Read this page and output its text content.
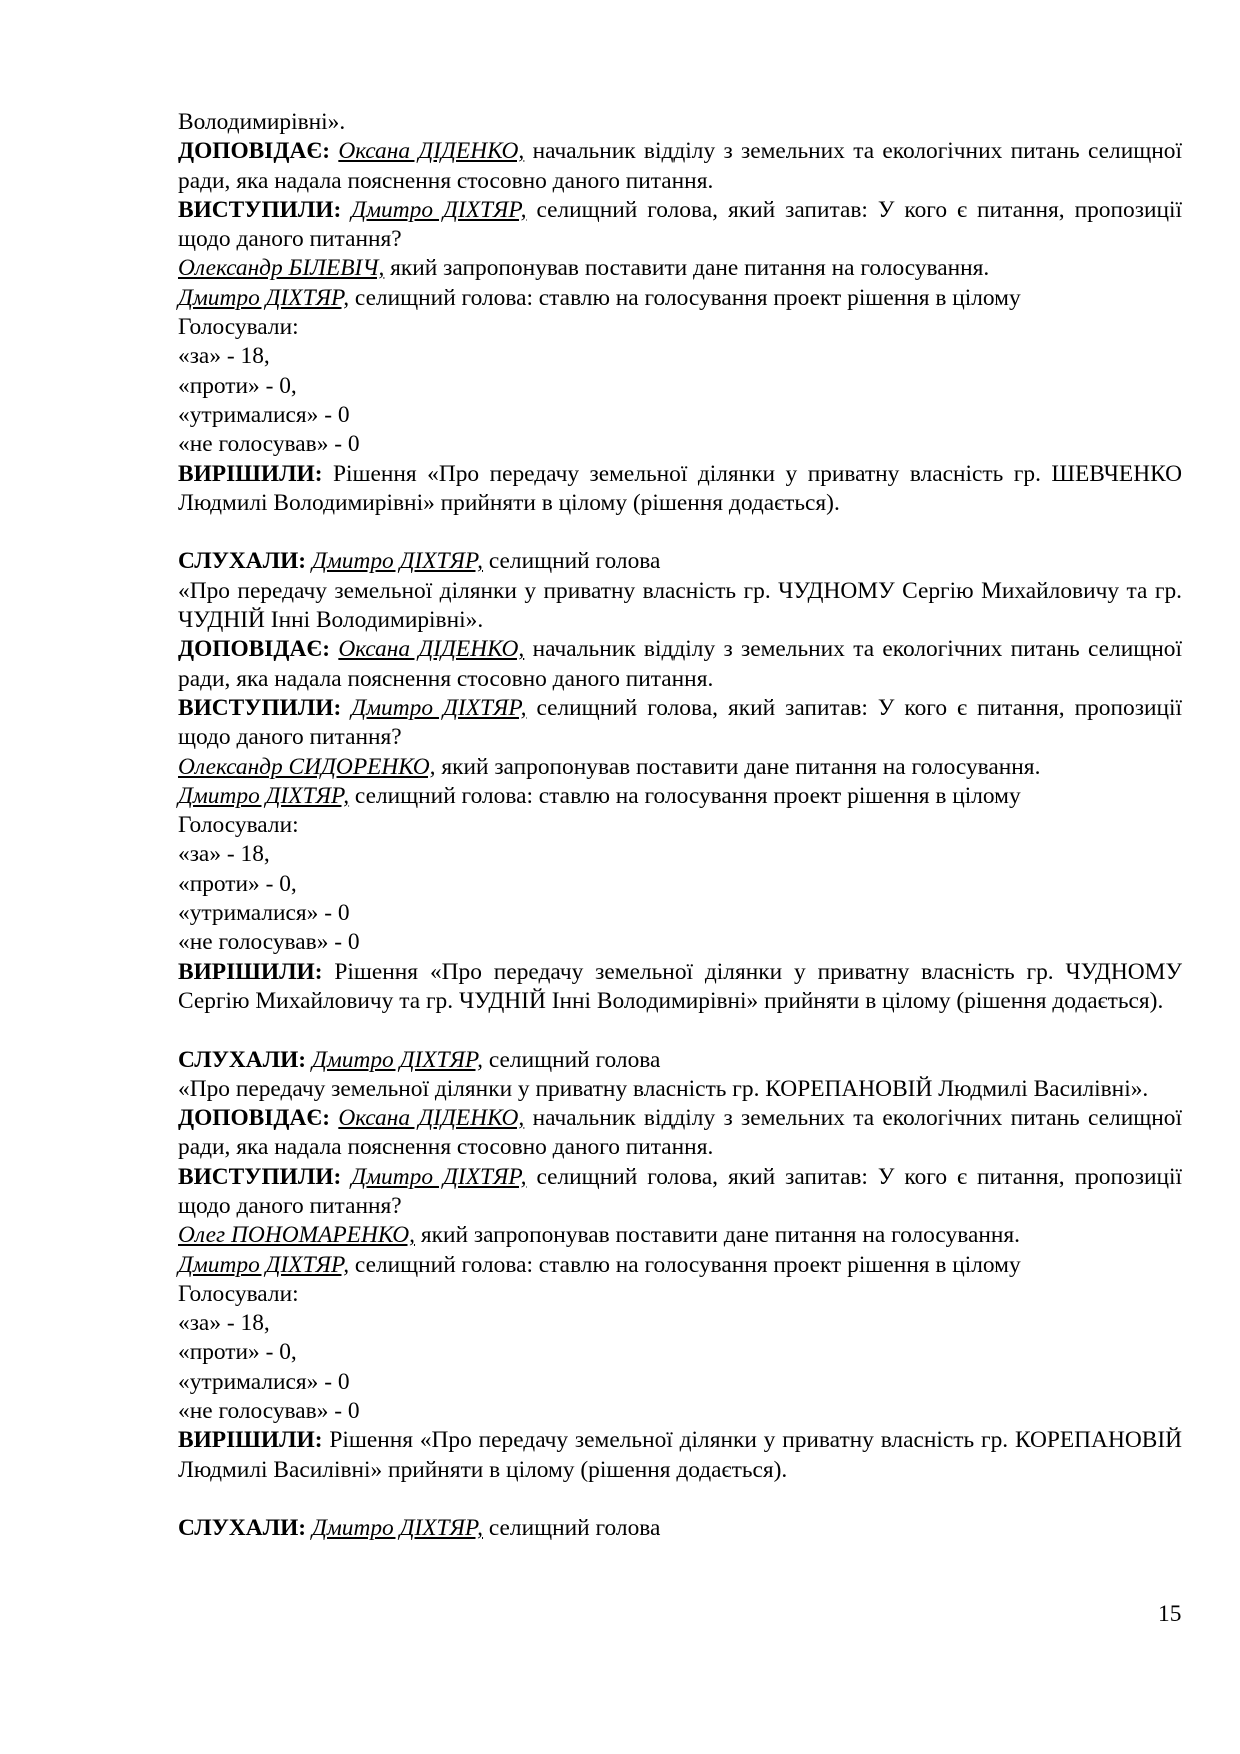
Володимирівні».
ДОПОВІДАЄ: Оксана ДІДЕНКО, начальник відділу з земельних та екологічних питань селищної ради, яка надала пояснення стосовно даного питання.
ВИСТУПИЛИ: Дмитро ДІХТЯР, селищний голова, який запитав: У кого є питання, пропозиції щодо даного питання?
Олександр БІЛЕВІЧ, який запропонував поставити дане питання на голосування.
Дмитро ДІХТЯР, селищний голова: ставлю на голосування проект рішення в цілому
Голосували:
«за» - 18,
«проти» - 0,
«утрималися» - 0
«не голосував» - 0
ВИРІШИЛИ: Рішення «Про передачу земельної ділянки у приватну власність гр. ШЕВЧЕНКО Людмилі Володимирівні» прийняти в цілому (рішення додається).
СЛУХАЛИ: Дмитро ДІХТЯР, селищний голова
«Про передачу земельної ділянки у приватну власність гр. ЧУДНОМУ Сергію Михайловичу та гр. ЧУДНІЙ Інні Володимирівні».
ДОПОВІДАЄ: Оксана ДІДЕНКО, начальник відділу з земельних та екологічних питань селищної ради, яка надала пояснення стосовно даного питання.
ВИСТУПИЛИ: Дмитро ДІХТЯР, селищний голова, який запитав: У кого є питання, пропозиції щодо даного питання?
Олександр СИДОРЕНКО, який запропонував поставити дане питання на голосування.
Дмитро ДІХТЯР, селищний голова: ставлю на голосування проект рішення в цілому
Голосували:
«за» - 18,
«проти» - 0,
«утрималися» - 0
«не голосував» - 0
ВИРІШИЛИ: Рішення «Про передачу земельної ділянки у приватну власність гр. ЧУДНОМУ Сергію Михайловичу та гр. ЧУДНІЙ Інні Володимирівні» прийняти в цілому (рішення додається).
СЛУХАЛИ: Дмитро ДІХТЯР, селищний голова
«Про передачу земельної ділянки у приватну власність гр. КОРЕПАНОВІЙ Людмилі Василівні».
ДОПОВІДАЄ: Оксана ДІДЕНКО, начальник відділу з земельних та екологічних питань селищної ради, яка надала пояснення стосовно даного питання.
ВИСТУПИЛИ: Дмитро ДІХТЯР, селищний голова, який запитав: У кого є питання, пропозиції щодо даного питання?
Олег ПОНОМАРЕНКО, який запропонував поставити дане питання на голосування.
Дмитро ДІХТЯР, селищний голова: ставлю на голосування проект рішення в цілому
Голосували:
«за» - 18,
«проти» - 0,
«утрималися» - 0
«не голосував» - 0
ВИРІШИЛИ: Рішення «Про передачу земельної ділянки у приватну власність гр. КОРЕПАНОВІЙ Людмилі Василівні» прийняти в цілому (рішення додається).
СЛУХАЛИ: Дмитро ДІХТЯР, селищний голова
15
